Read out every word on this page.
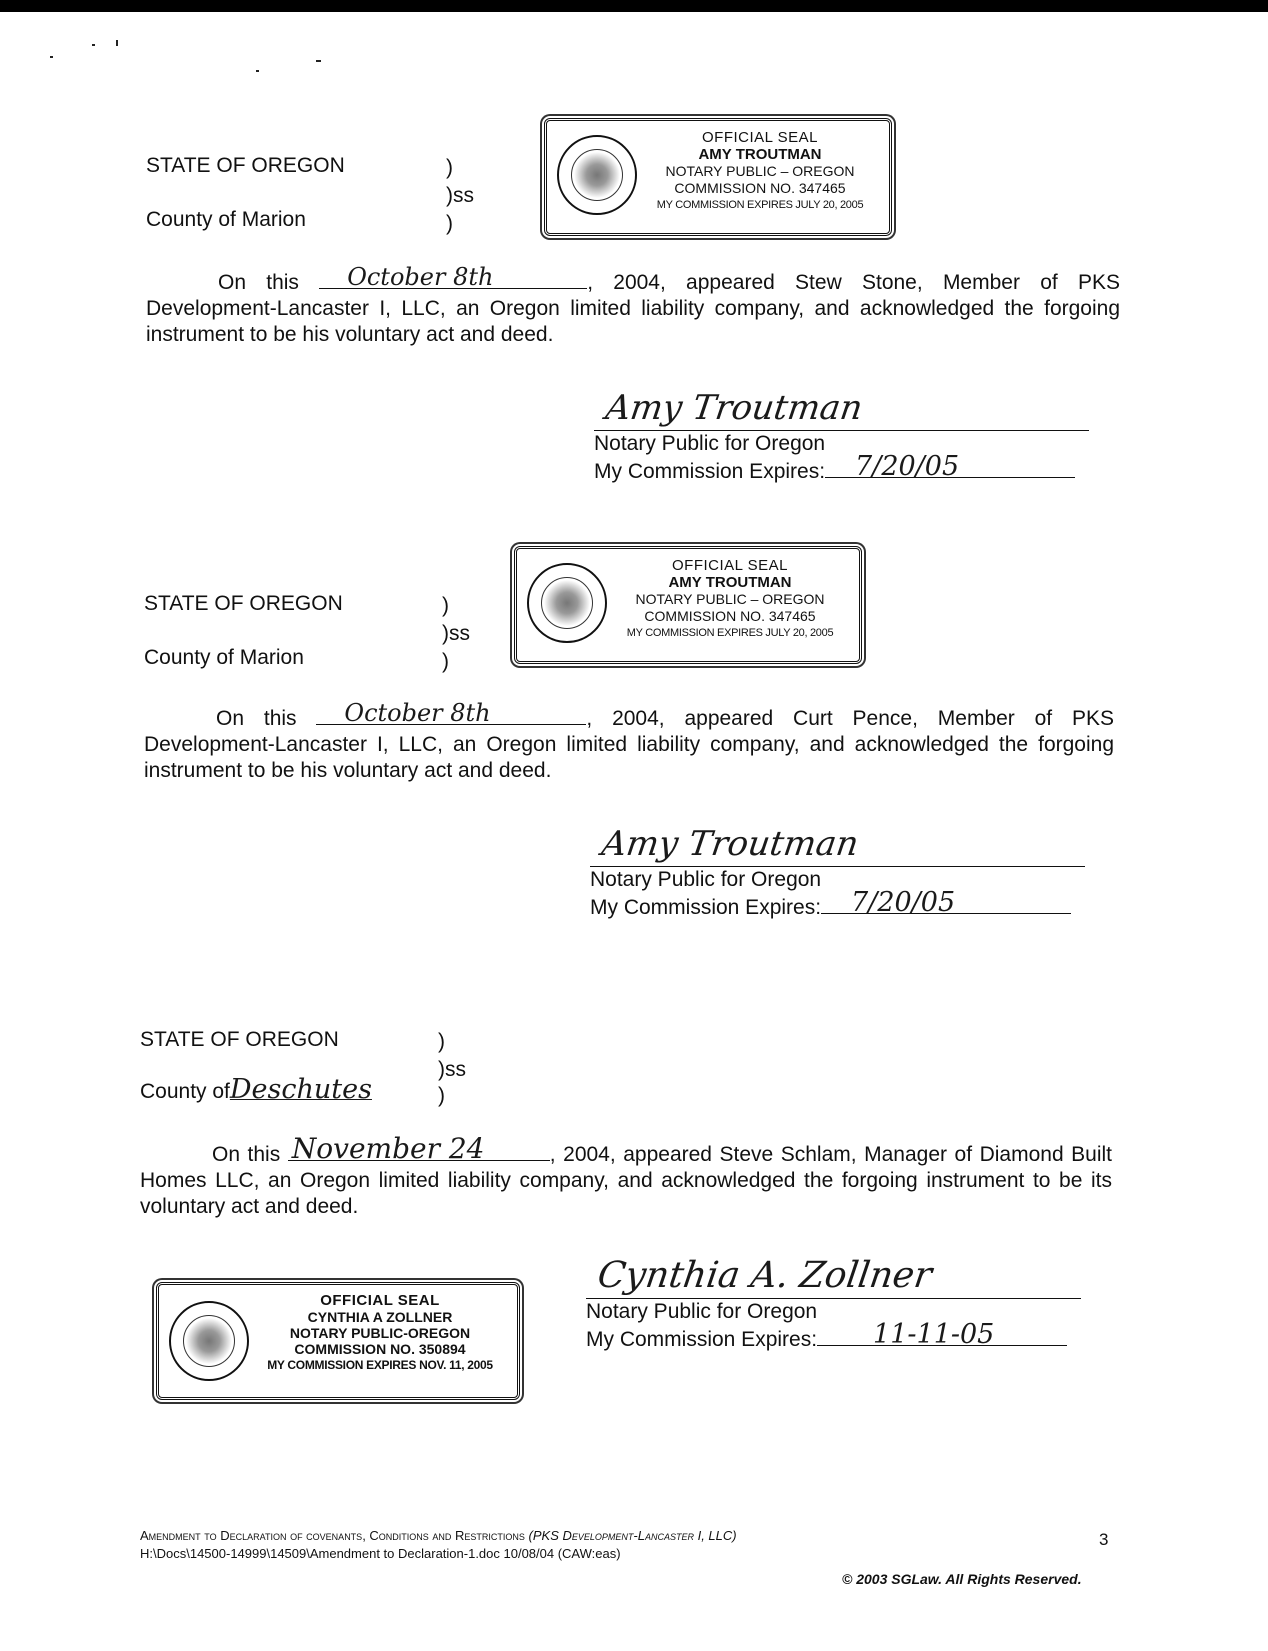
STATE OF OREGON
County of Marion
)
)ss
)
OFFICIAL SEAL
AMY TROUTMAN
NOTARY PUBLIC – OREGON
COMMISSION NO. 347465
MY COMMISSION EXPIRES JULY 20, 2005
On this October 8th	, 2004, appeared Stew Stone, Member of PKS Development-Lancaster I, LLC, an Oregon limited liability company, and acknowledged the forgoing instrument to be his voluntary act and deed.
Amy Troutman
Notary Public for Oregon
My Commission Expires: 7/20/05
STATE OF OREGON
County of Marion
)
)ss
)
OFFICIAL SEAL
AMY TROUTMAN
NOTARY PUBLIC – OREGON
COMMISSION NO. 347465
MY COMMISSION EXPIRES JULY 20, 2005
On this October 8th	, 2004, appeared Curt Pence, Member of PKS Development-Lancaster I, LLC, an Oregon limited liability company, and acknowledged the forgoing instrument to be his voluntary act and deed.
Amy Troutman
Notary Public for Oregon
My Commission Expires: 7/20/05
STATE OF OREGON
County ofDeschutes
)
)ss
)
On this November 24	, 2004, appeared Steve Schlam, Manager of Diamond Built Homes LLC, an Oregon limited liability company, and acknowledged the forgoing instrument to be its voluntary act and deed.
OFFICIAL SEAL
CYNTHIA A ZOLLNER
NOTARY PUBLIC-OREGON
COMMISSION NO. 350894
MY COMMISSION EXPIRES NOV. 11, 2005
Cynthia A. Zollner
Notary Public for Oregon
My Commission Expires: 11-11-05
Amendment to Declaration of covenants, Conditions and Restrictions (PKS Development-Lancaster I, LLC)
H:\Docs\14500-14999\14509\Amendment to Declaration-1.doc 10/08/04 (CAW:eas)
3
© 2003 SGLaw. All Rights Reserved.
